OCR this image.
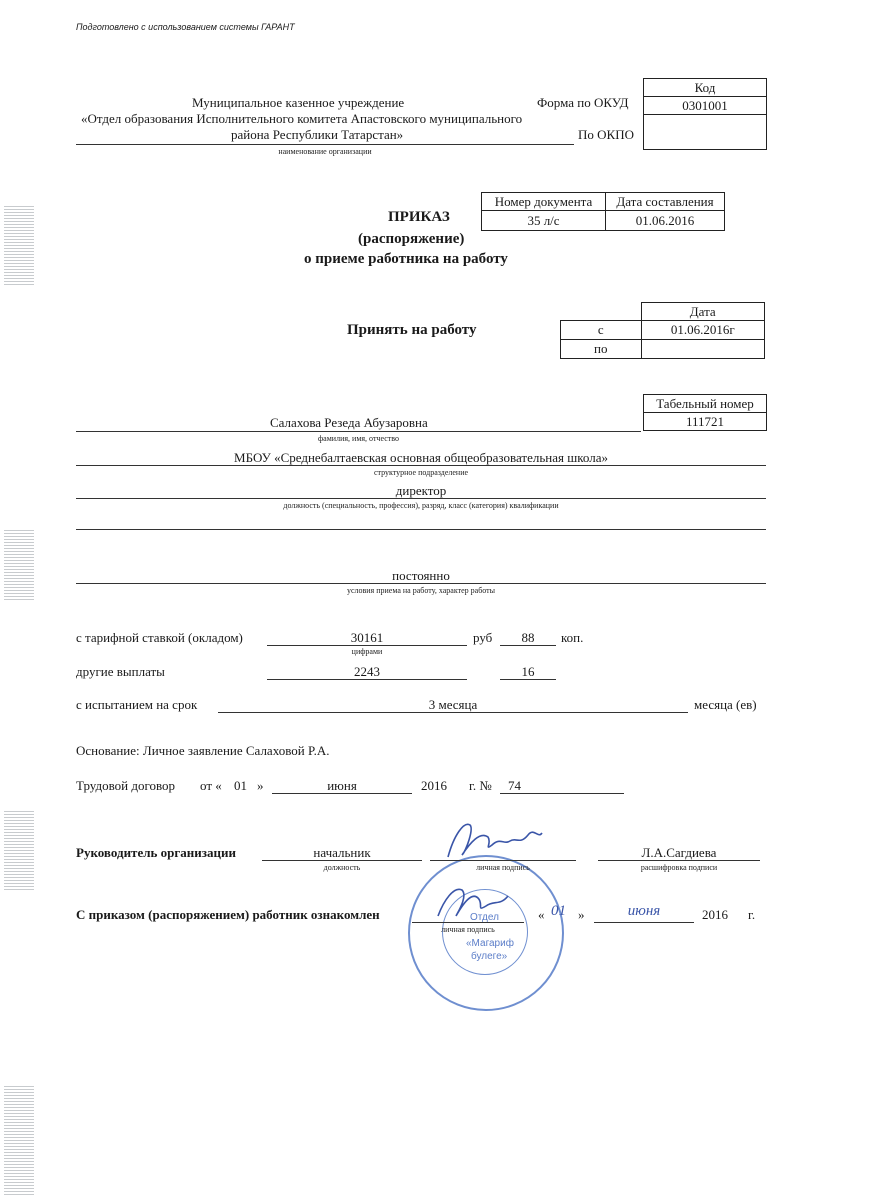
Подготовлено с использованием системы ГАРАНТ
Муниципальное казенное учреждение
«Отдел образования Исполнительного комитета Апастовского муниципального
района Республики Татарстан»
наименование организации
Форма по ОКУД
По ОКПО
Код
0301001

ПРИКАЗ
(распоряжение)
о приеме работника на работу
Номер документа	Дата составления
35 л/с	01.06.2016
Принять на работу
	Дата
с	01.06.2016г
по	
Табельный номер
111721
Салахова Резеда Абузаровна
фамилия, имя, отчество
МБОУ «Среднебалтаевская основная общеобразовательная школа»
структурное подразделение
директор
должность (специальность, профессия), разряд, класс (категория) квалификации
постоянно
условия приема на работу, характер работы
с тарифной ставкой (окладом)	30161
цифрами
руб	88	коп.
другие выплаты	2243	16
с испытанием на срок	3 месяца	месяца (ев)
Основание: Личное заявление Салаховой Р.А.
Трудовой договор от « 01 »	июня	2016 г. № 74
Отдел
«Магариф
булеге»
Руководитель организации	начальник
должность	личная подпись
Л.А.Сагдиева
расшифровка подписи
С приказом (распоряжением) работник ознакомлен
личная подпись
« 01 »	июня	2016 г.
